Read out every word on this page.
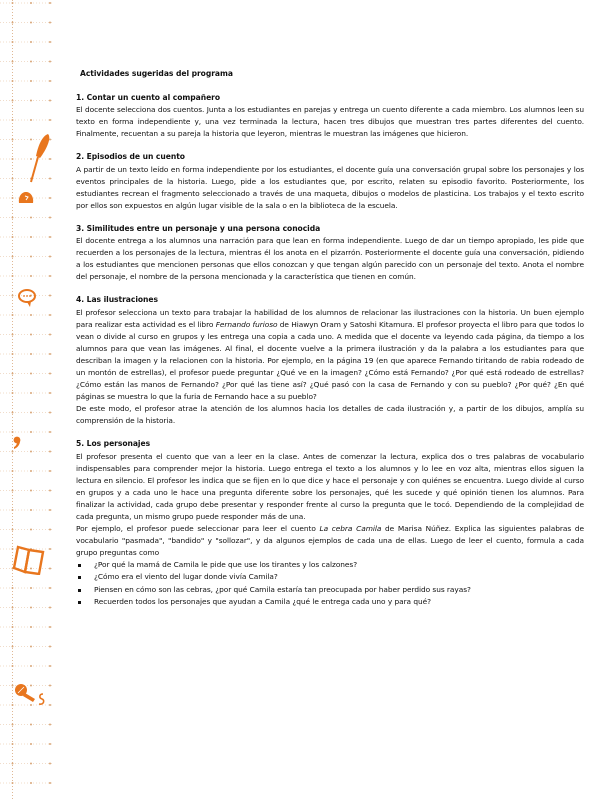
Actividades sugeridas del programa

1. Contar un cuento al compañero

El docente selecciona dos cuentos. Junta a los estudiantes en parejas y entrega un cuento diferente a cada miembro. Los alumnos leen su texto en forma independiente y, una vez terminada la lectura, hacen tres dibujos que muestran tres partes diferentes del cuento. Finalmente, recuentan a su pareja la historia que leyeron, mientras le muestran las imágenes que hicieron.

2. Episodios de un cuento

A partir de un texto leído en forma independiente por los estudiantes, el docente guía una conversación grupal sobre los personajes y los eventos principales de la historia. Luego, pide a los estudiantes que, por escrito, relaten su episodio favorito. Posteriormente, los estudiantes recrean el fragmento seleccionado a través de una maqueta, dibujos o modelos de plasticina. Los trabajos y el texto escrito por ellos son expuestos en algún lugar visible de la sala o en la biblioteca de la escuela.

3. Similitudes entre un personaje y una persona conocida

El docente entrega a los alumnos una narración para que lean en forma independiente. Luego de dar un tiempo apropiado, les pide que recuerden a los personajes de la lectura, mientras él los anota en el pizarrón. Posteriormente el docente guía una conversación, pidiendo a los estudiantes que mencionen personas que ellos conozcan y que tengan algún parecido con un personaje del texto. Anota el nombre del personaje, el nombre de la persona mencionada y la característica que tienen en común.

4. Las ilustraciones

El profesor selecciona un texto para trabajar la habilidad de los alumnos de relacionar las ilustraciones con la historia. Un buen ejemplo para realizar esta actividad es el libro Fernando furioso de Hiawyn Oram y Satoshi Kitamura. El profesor proyecta el libro para que todos lo vean o divide al curso en grupos y les entrega una copia a cada uno. A medida que el docente va leyendo cada página, da tiempo a los alumnos para que vean las imágenes. Al final, el docente vuelve a la primera ilustración y da la palabra a los estudiantes para que describan la imagen y la relacionen con la historia. Por ejemplo, en la página 19 (en que aparece Fernando tiritando de rabia rodeado de un montón de estrellas), el profesor puede preguntar ¿Qué ve en la imagen? ¿Cómo está Fernando? ¿Por qué está rodeado de estrellas? ¿Cómo están las manos de Fernando? ¿Por qué las tiene así? ¿Qué pasó con la casa de Fernando y con su pueblo? ¿Por qué? ¿En qué páginas se muestra lo que la furia de Fernando hace a su pueblo?

De este modo, el profesor atrae la atención de los alumnos hacia los detalles de cada ilustración y, a partir de los dibujos, amplía su comprensión de la historia.

5. Los personajes

El profesor presenta el cuento que van a leer en la clase. Antes de comenzar la lectura, explica dos o tres palabras de vocabulario indispensables para comprender mejor la historia. Luego entrega el texto a los alumnos y lo lee en voz alta, mientras ellos siguen la lectura en silencio. El profesor les indica que se fijen en lo que dice y hace el personaje y con quiénes se encuentra. Luego divide al curso en grupos y a cada uno le hace una pregunta diferente sobre los personajes, qué les sucede y qué opinión tienen los alumnos. Para finalizar la actividad, cada grupo debe presentar y responder frente al curso la pregunta que le tocó. Dependiendo de la complejidad de cada pregunta, un mismo grupo puede responder más de una.

Por ejemplo, el profesor puede seleccionar para leer el cuento La cebra Camila de Marisa Núñez. Explica las siguientes palabras de vocabulario "pasmada", "bandido" y "sollozar", y da algunos ejemplos de cada una de ellas. Luego de leer el cuento, formula a cada grupo preguntas como

¿Por qué la mamá de Camila le pide que use los tirantes y los calzones?
¿Cómo era el viento del lugar donde vivía Camila?
Piensen en cómo son las cebras, ¿por qué Camila estaría tan preocupada por haber perdido sus rayas?
Recuerden todos los personajes que ayudan a Camila ¿qué le entrega cada uno y para qué?
